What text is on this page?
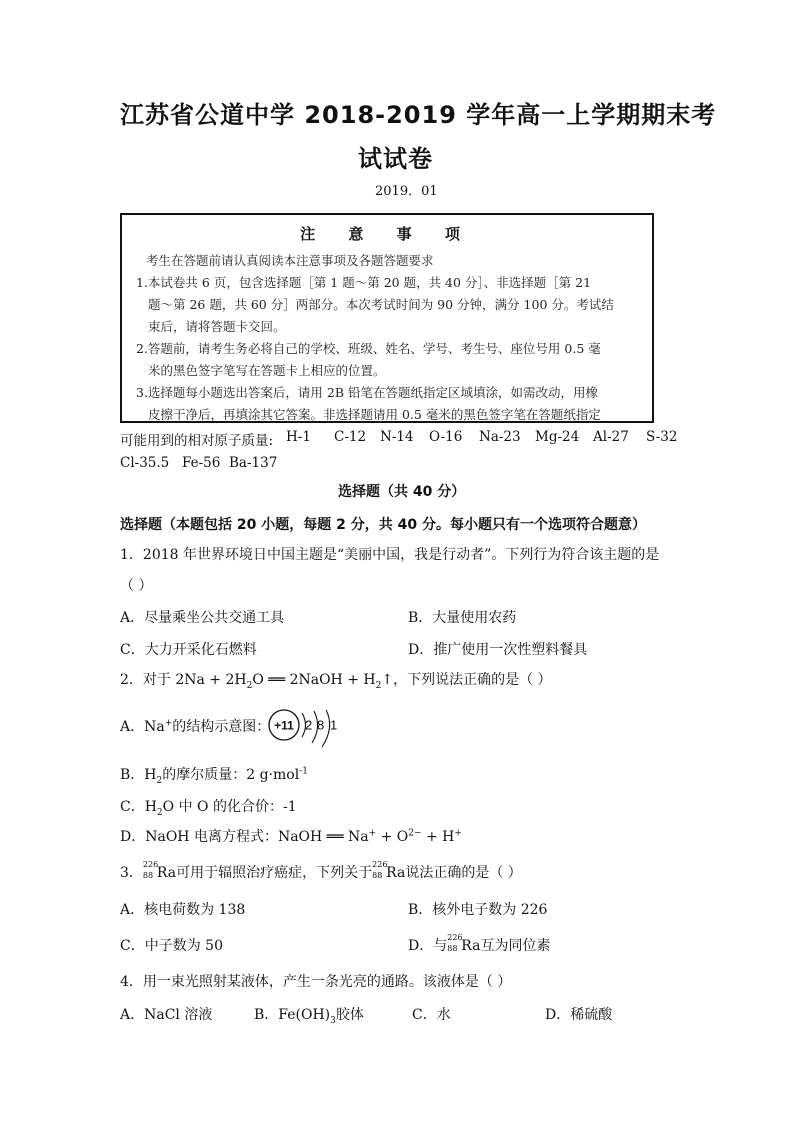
江苏省公道中学 2018-2019 学年高一上学期期末考
试试卷
2019．01
注 意 事 项
考生在答题前请认真阅读本注意事项及各题答题要求
1.本试卷共 6 页，包含选择题［第 1 题～第 20 题，共 40 分］、非选择题［第 21
题～第 26 题，共 60 分］两部分。本次考试时间为 90 分钟，满分 100 分。考试结
束后，请将答题卡交回。
2.答题前，请考生务必将自己的学校、班级、姓名、学号、考生号、座位号用 0.5 毫
米的黑色签字笔写在答题卡上相应的位置。
3.选择题每小题选出答案后，请用 2B 铅笔在答题纸指定区域填涂，如需改动，用橡
皮擦干净后，再填涂其它答案。非选择题请用 0.5 毫米的黑色签字笔在答题纸指定
可能用到的相对原子质量: H-1 C-12 N-14 O-16 Na-23 Mg-24 Al-27 S-32
Cl-35.5 Fe-56 Ba-137
选择题（共 40 分）
选择题（本题包括 20 小题，每题 2 分，共 40 分。每小题只有一个选项符合题意）
1．2018 年世界环境日中国主题是“美丽中国，我是行动者”。下列行为符合该主题的是
（ ）
A．尽量乘坐公共交通工具	B．大量使用农药
C．大力开采化石燃料	D．推广使用一次性塑料餐具
2．对于 $2Na + 2H_2O$ ══ 2NaOH + $H_2↑$，下列说法正确的是（ ）
A．Na+的结构示意图： +11 2 8 1
B．$H_2$的摩尔质量：2 g·mol$^{-1}$
C．$H_2O$ 中 O 的化合价：-1
D．NaOH 电离方程式：NaOH ══ $Na^+ + O^{2-} + H^+$
3．
226
88 Ra可用于辐照治疗癌症，下列关于
226
88 Ra说法正确的是（ ）
A．核电荷数为 138	B．核外电子数为 226
C．中子数为 50	D．与
226
88 Ra互为同位素
4．用一束光照射某液体，产生一条光亮的通路。该液体是（ ）
A．NaCl 溶液	B．$Fe(OH)_3$胶体	C．水	D．稀硫酸
